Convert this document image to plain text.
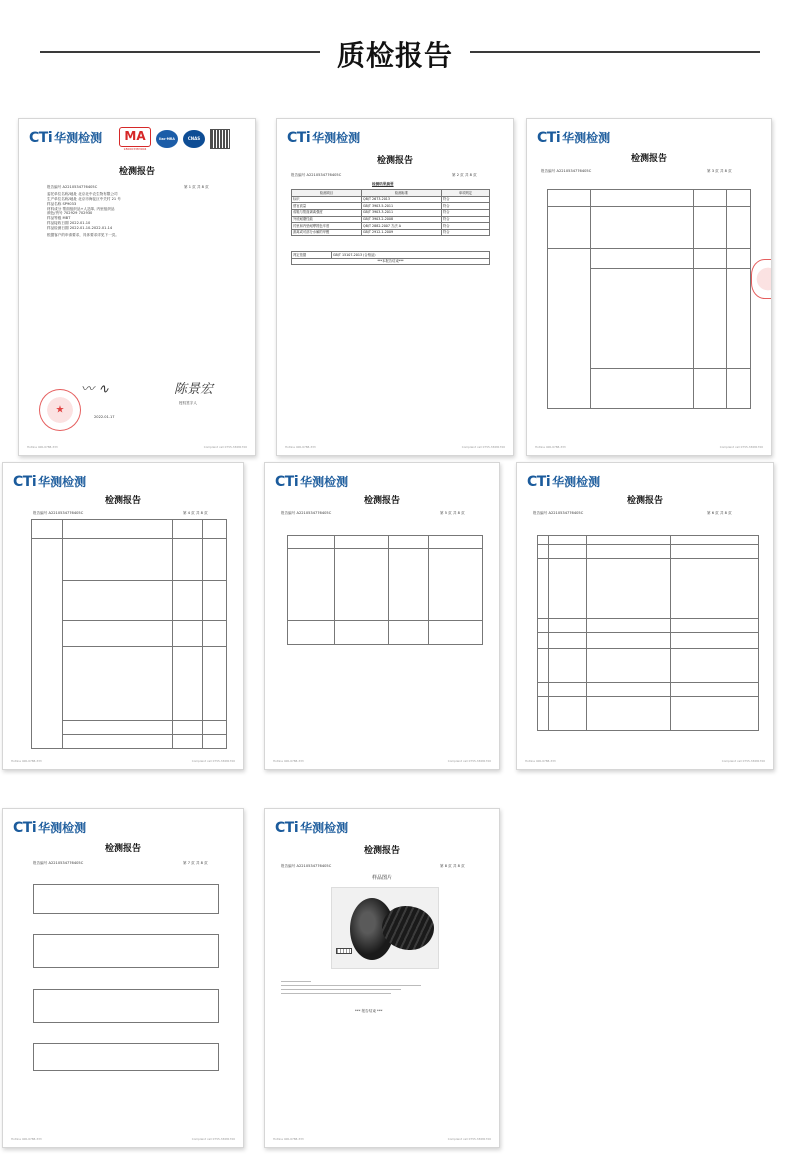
质检报告
CTi 华测检测	MA
180003383904
ilac-MRA	CNAS
检测报告
报告编号 A2210534776405C	第 1 页 共 8 页
委托单位名称/地址 北京北中农生物有限公司
生产单位名称/地址 北京市海淀区中关村 21 号
样品名称 SP9033
材料成分 帮面组织品+人造革, 内里组织品
颜色/货号 702929 702930
样品等级 MBT
样品接收日期 2022.01.10
样品检测日期 2022.01.10-2022.01.14
根据客户的申请要求，具体要求详见下一页。
〰 ∿	陈景宏
授权签字人
2022.01.17
★
Hotline 400-6788-333	Complaint call 0755-33681700
CTi 华测检测
检测报告
报告编号 A2210534776405C	第 2 页 共 8 页
检测结果摘要
检测项目	检测标准	单项判定
标识	QB/T 2673-2013	符合
感官质量	GB/T 3903.5-2011	符合
成鞋与帮面剥离强度	GB/T 3903.3-2011	符合
外底耐磨性能	GB/T 3903.2-2008	符合
衬里和内垫耐摩擦色牢度	QB/T 2882-2007 方法 A	符合
游离或可部分水解的甲醛	GB/T 2912.1-2009	符合
判定依据	GB/T 15107-2013 (合格品)
***本报告结束***
Hotline 400-6788-333	Complaint call 0755-33681700
CTi 华测检测
检测报告
报告编号 A2210534776405C	第 3 页 共 8 页
Hotline 400-6788-333	Complaint call 0755-33681700
CTi 华测检测
检测报告
报告编号 A2210534776405C	第 4 页 共 8 页
Hotline 400-6788-333	Complaint call 0755-33681700
CTi 华测检测
检测报告
报告编号 A2210534776405C	第 5 页 共 8 页
Hotline 400-6788-333	Complaint call 0755-33681700
CTi 华测检测
检测报告
报告编号 A2210534776405C	第 6 页 共 8 页
Hotline 400-6788-333	Complaint call 0755-33681700
CTi 华测检测
检测报告
报告编号 A2210534776405C	第 7 页 共 8 页
Hotline 400-6788-333	Complaint call 0755-33681700
CTi 华测检测
检测报告
报告编号 A2210534776405C	第 8 页 共 8 页
样品图片
*** 报告结束 ***
Hotline 400-6788-333	Complaint call 0755-33681700
